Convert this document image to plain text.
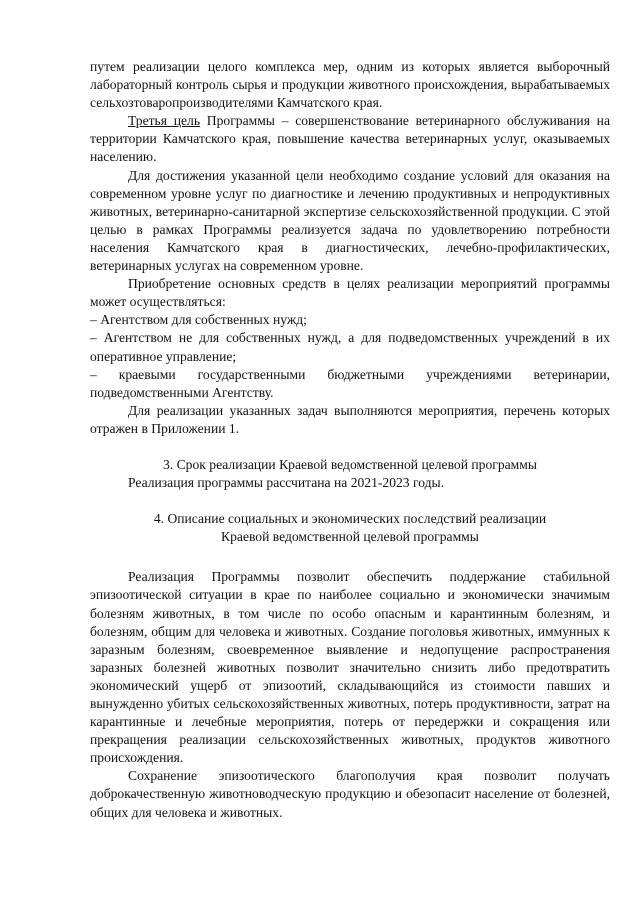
путем реализации целого комплекса мер, одним из которых является выборочный лабораторный контроль сырья и продукции животного происхождения, вырабатываемых сельхозтоваропроизводителями Камчатского края.

Третья цель Программы – совершенствование ветеринарного обслуживания на территории Камчатского края, повышение качества ветеринарных услуг, оказываемых населению.

Для достижения указанной цели необходимо создание условий для оказания на современном уровне услуг по диагностике и лечению продуктивных и непродуктивных животных, ветеринарно-санитарной экспертизе сельскохозяйственной продукции. С этой целью в рамках Программы реализуется задача по удовлетворению потребности населения Камчатского края в диагностических, лечебно-профилактических, ветеринарных услугах на современном уровне.

Приобретение основных средств в целях реализации мероприятий программы может осуществляться:

– Агентством для собственных нужд;

– Агентством не для собственных нужд, а для подведомственных учреждений в их оперативное управление;

– краевыми государственными бюджетными учреждениями ветеринарии, подведомственными Агентству.

Для реализации указанных задач выполняются мероприятия, перечень которых отражен в Приложении 1.

3. Срок реализации Краевой ведомственной целевой программы

Реализация программы рассчитана на 2021-2023 годы.

4. Описание социальных и экономических последствий реализации

Краевой ведомственной целевой программы

Реализация Программы позволит обеспечить поддержание стабильной эпизоотической ситуации в крае по наиболее социально и экономически значимым болезням животных, в том числе по особо опасным и карантинным болезням, и болезням, общим для человека и животных. Создание поголовья животных, иммунных к заразным болезням, своевременное выявление и недопущение распространения заразных болезней животных позволит значительно снизить либо предотвратить экономический ущерб от эпизоотий, складывающийся из стоимости павших и вынужденно убитых сельскохозяйственных животных, потерь продуктивности, затрат на карантинные и лечебные мероприятия, потерь от передержки и сокращения или прекращения реализации сельскохозяйственных животных, продуктов животного происхождения.

Сохранение эпизоотического благополучия края позволит получать доброкачественную животноводческую продукцию и обезопасит население от болезней, общих для человека и животных.
